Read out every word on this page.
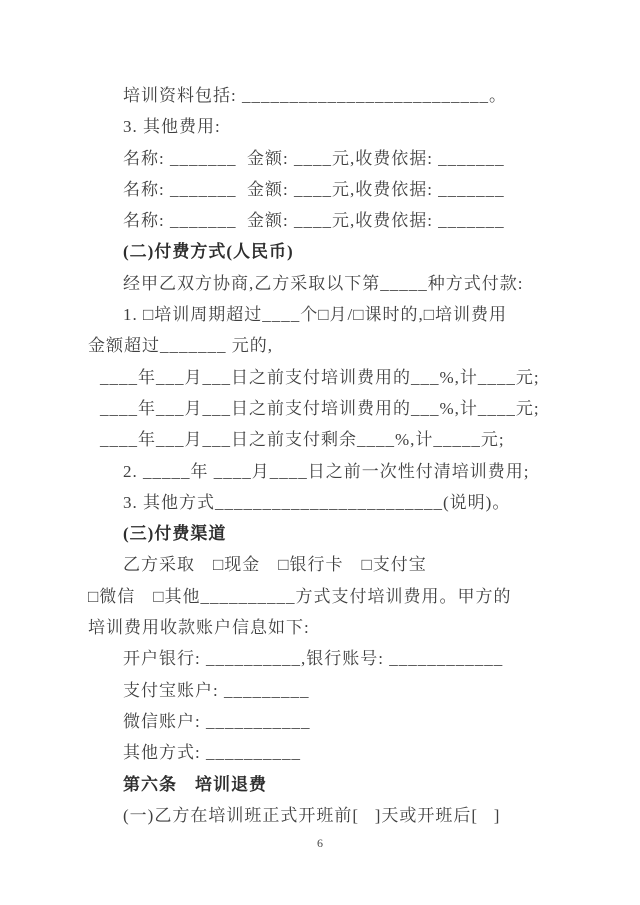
培训资料包括: __________________________。
3. 其他费用:
名称: _______  金额: ____元,收费依据: _______
名称: _______  金额: ____元,收费依据: _______
名称: _______  金额: ____元,收费依据: _______
(二)付费方式(人民币)
经甲乙双方协商,乙方采取以下第_____种方式付款:
1. □培训周期超过____个□月/□课时的,□培训费用
金额超过_______ 元的,
____年___月___日之前支付培训费用的___%,计____元;
____年___月___日之前支付培训费用的___%,计____元;
____年___月___日之前支付剩余____%,计_____元;
2. _____年 ____月____日之前一次性付清培训费用;
3. 其他方式________________________(说明)。
(三)付费渠道
乙方采取　□现金　□银行卡　□支付宝
□微信　□其他__________方式支付培训费用。甲方的
培训费用收款账户信息如下:
开户银行: __________,银行账号: ____________
支付宝账户: _________
微信账户: ___________
其他方式: __________
第六条　培训退费
(一)乙方在培训班正式开班前[   ]天或开班后[   ]
6
